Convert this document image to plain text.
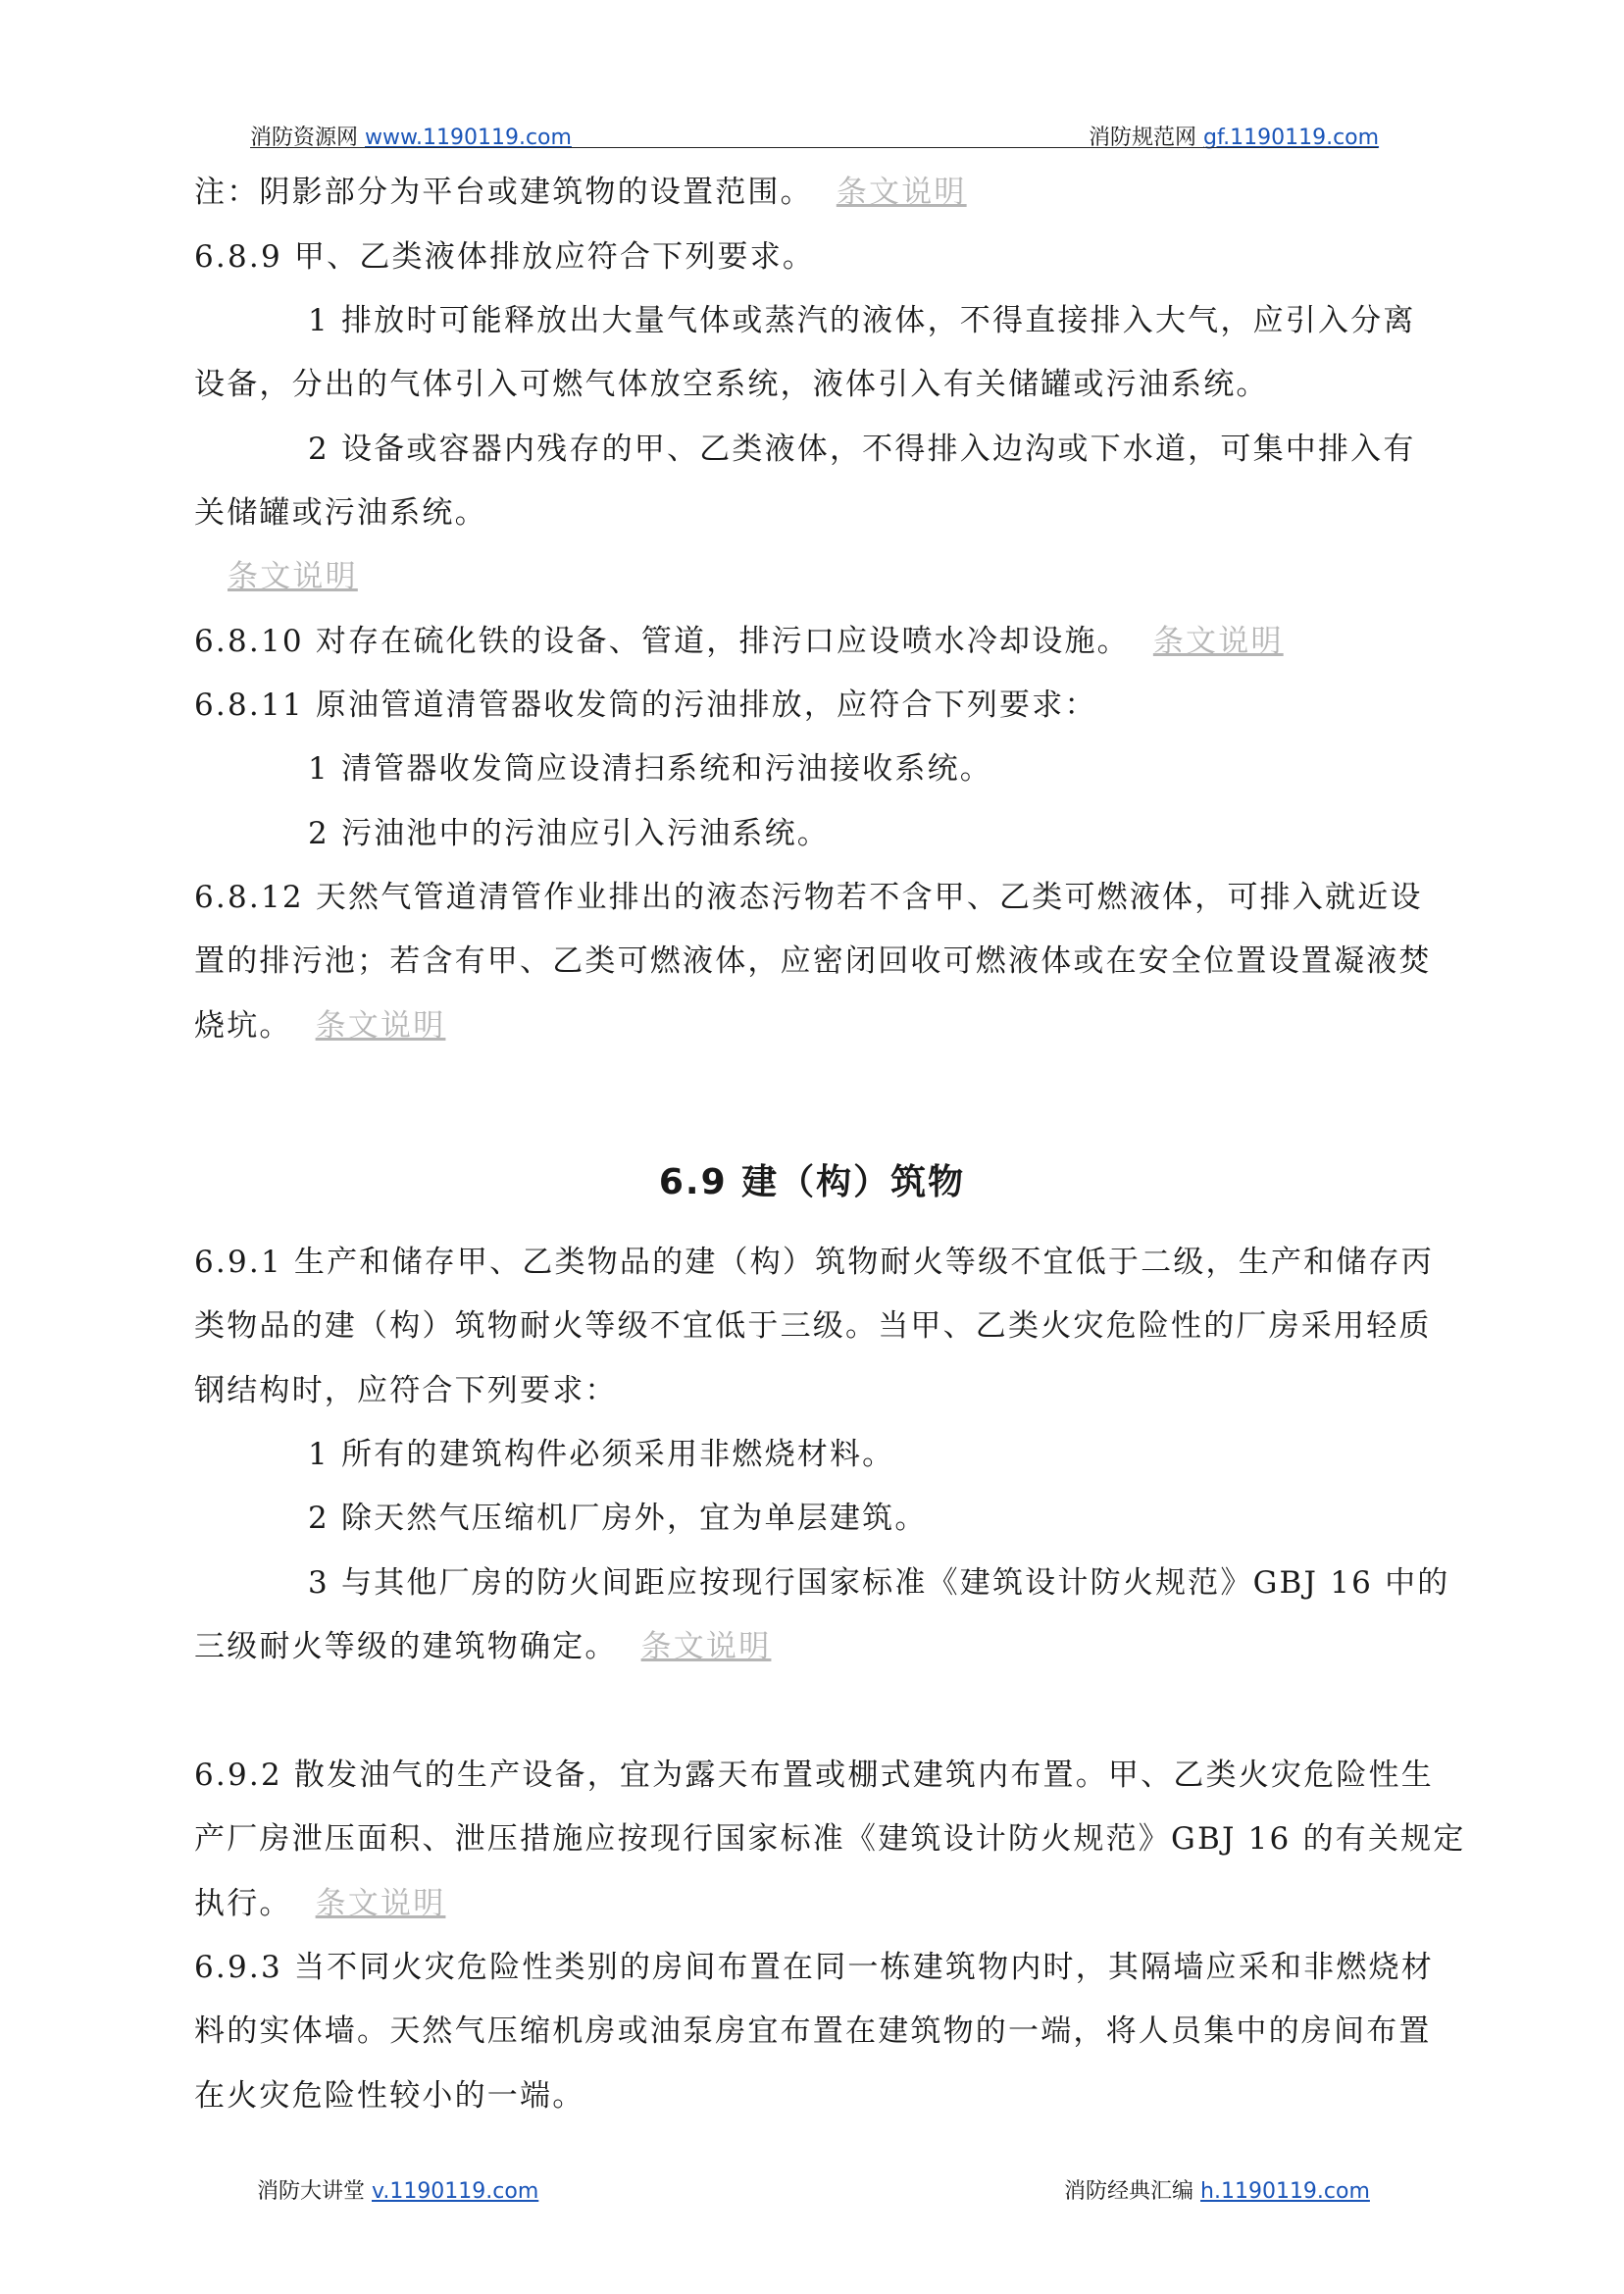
消防资源网 www.1190119.com	消防规范网 gf.1190119.com
注：阴影部分为平台或建筑物的设置范围。 条文说明
6.8.9 甲、乙类液体排放应符合下列要求。
1 排放时可能释放出大量气体或蒸汽的液体，不得直接排入大气，应引入分离
设备，分出的气体引入可燃气体放空系统，液体引入有关储罐或污油系统。
2 设备或容器内残存的甲、乙类液体，不得排入边沟或下水道，可集中排入有
关储罐或污油系统。
条文说明
6.8.10 对存在硫化铁的设备、管道，排污口应设喷水冷却设施。 条文说明
6.8.11 原油管道清管器收发筒的污油排放，应符合下列要求：
1 清管器收发筒应设清扫系统和污油接收系统。
2 污油池中的污油应引入污油系统。
6.8.12 天然气管道清管作业排出的液态污物若不含甲、乙类可燃液体，可排入就近设
置的排污池；若含有甲、乙类可燃液体，应密闭回收可燃液体或在安全位置设置凝液焚
烧坑。 条文说明
6.9 建（构）筑物
6.9.1 生产和储存甲、乙类物品的建（构）筑物耐火等级不宜低于二级，生产和储存丙
类物品的建（构）筑物耐火等级不宜低于三级。当甲、乙类火灾危险性的厂房采用轻质
钢结构时，应符合下列要求：
1 所有的建筑构件必须采用非燃烧材料。
2 除天然气压缩机厂房外，宜为单层建筑。
3 与其他厂房的防火间距应按现行国家标准《建筑设计防火规范》GBJ 16 中的
三级耐火等级的建筑物确定。 条文说明
6.9.2 散发油气的生产设备，宜为露天布置或棚式建筑内布置。甲、乙类火灾危险性生
产厂房泄压面积、泄压措施应按现行国家标准《建筑设计防火规范》GBJ 16 的有关规定
执行。 条文说明
6.9.3 当不同火灾危险性类别的房间布置在同一栋建筑物内时，其隔墙应采和非燃烧材
料的实体墙。天然气压缩机房或油泵房宜布置在建筑物的一端，将人员集中的房间布置
在火灾危险性较小的一端。
消防大讲堂 v.1190119.com	消防经典汇编 h.1190119.com
